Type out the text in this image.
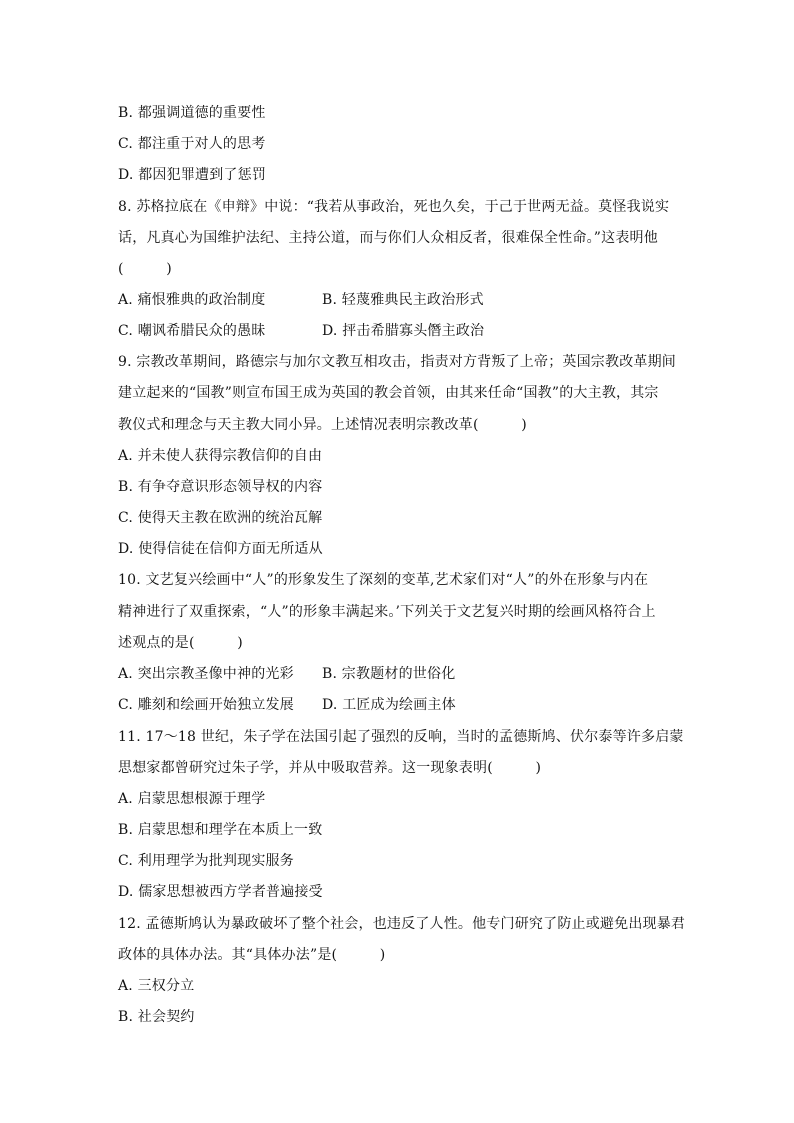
B. 都强调道德的重要性
C. 都注重于对人的思考
D. 都因犯罪遭到了惩罚
8. 苏格拉底在《申辩》中说：“我若从事政治，死也久矣，于己于世两无益。莫怪我说实
话，凡真心为国维护法纪、主持公道，而与你们人众相反者，很难保全性命。”这表明他
(　　　)
A. 痛恨雅典的政治制度	B. 轻蔑雅典民主政治形式
C. 嘲讽希腊民众的愚昧	D. 抨击希腊寡头僭主政治
9. 宗教改革期间，路德宗与加尔文教互相攻击，指责对方背叛了上帝；英国宗教改革期间
建立起来的“国教”则宣布国王成为英国的教会首领，由其来任命“国教”的大主教，其宗
教仪式和理念与天主教大同小异。上述情况表明宗教改革(　　　)
A. 并未使人获得宗教信仰的自由
B. 有争夺意识形态领导权的内容
C. 使得天主教在欧洲的统治瓦解
D. 使得信徒在信仰方面无所适从
10. 文艺复兴绘画中“人”的形象发生了深刻的变革,艺术家们对“人”的外在形象与内在
精神进行了双重探索，“人”的形象丰满起来。’下列关于文艺复兴时期的绘画风格符合上
述观点的是(　　　)
A. 突出宗教圣像中神的光彩 B. 宗教题材的世俗化
C. 雕刻和绘画开始独立发展 D. 工匠成为绘画主体
11. 17～18 世纪，朱子学在法国引起了强烈的反响，当时的孟德斯鸠、伏尔泰等许多启蒙
思想家都曾研究过朱子学，并从中吸取营养。这一现象表明(　　　)
A. 启蒙思想根源于理学
B. 启蒙思想和理学在本质上一致
C. 利用理学为批判现实服务
D. 儒家思想被西方学者普遍接受
12. 孟德斯鸠认为暴政破坏了整个社会，也违反了人性。他专门研究了防止或避免出现暴君
政体的具体办法。其“具体办法”是(　　　)
A. 三权分立
B. 社会契约
